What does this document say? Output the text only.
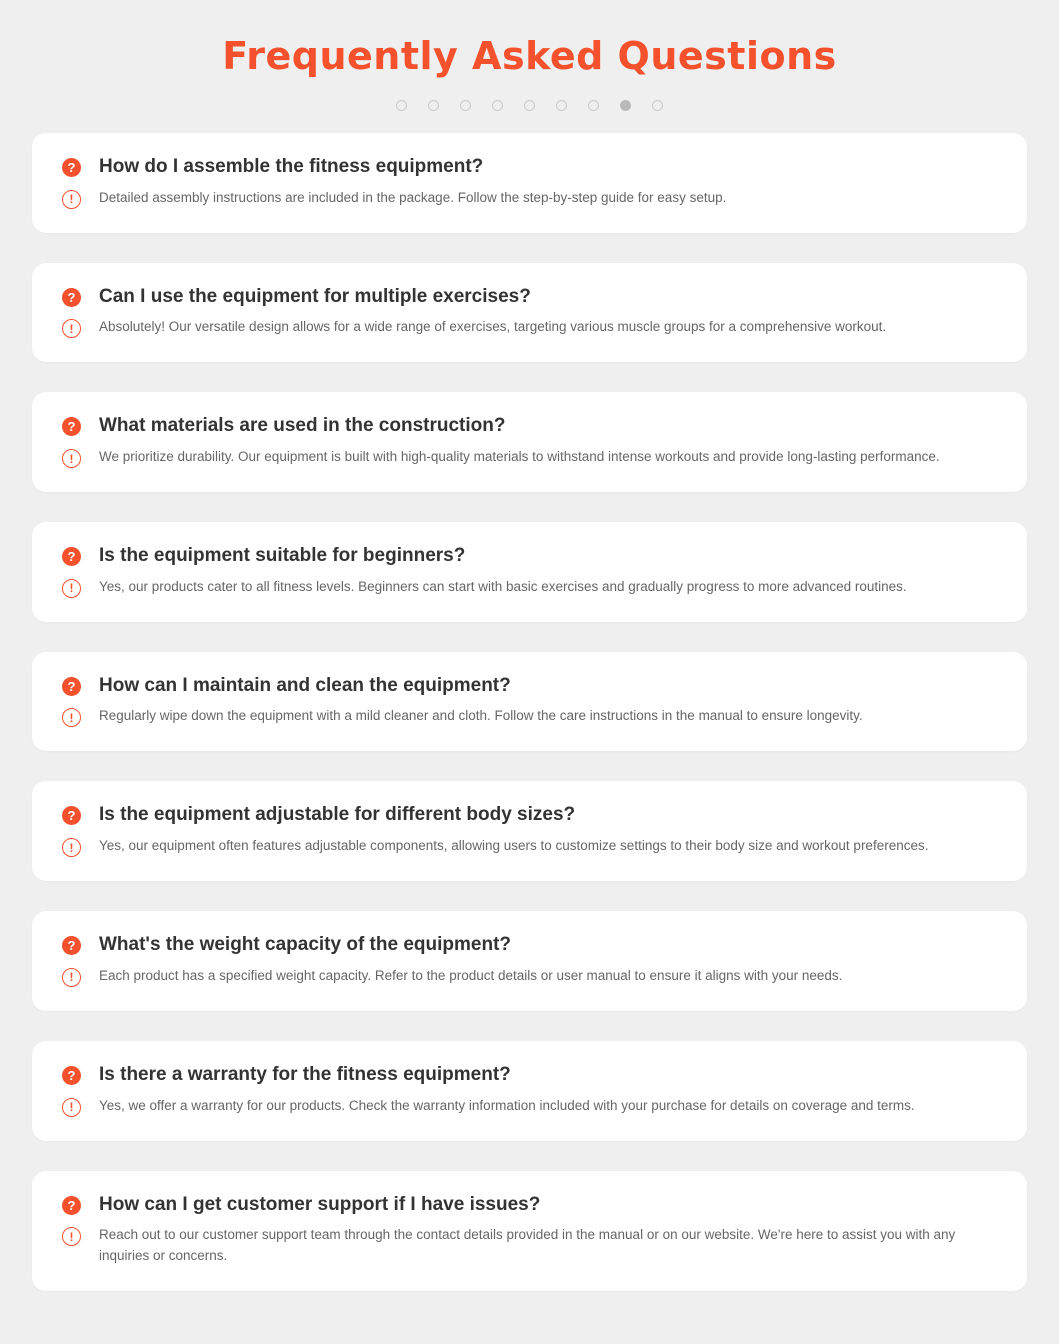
Frequently Asked Questions
? How do I assemble the fitness equipment?
!	Detailed assembly instructions are included in the package. Follow the step-by-step guide for easy setup.
? Can I use the equipment for multiple exercises?
!	Absolutely! Our versatile design allows for a wide range of exercises, targeting various muscle groups for a comprehensive workout.
? What materials are used in the construction?
!	We prioritize durability. Our equipment is built with high-quality materials to withstand intense workouts and provide long-lasting performance.
? Is the equipment suitable for beginners?
!	Yes, our products cater to all fitness levels. Beginners can start with basic exercises and gradually progress to more advanced routines.
? How can I maintain and clean the equipment?
!	Regularly wipe down the equipment with a mild cleaner and cloth. Follow the care instructions in the manual to ensure longevity.
? Is the equipment adjustable for different body sizes?
!	Yes, our equipment often features adjustable components, allowing users to customize settings to their body size and workout preferences.
? What's the weight capacity of the equipment?
!	Each product has a specified weight capacity. Refer to the product details or user manual to ensure it aligns with your needs.
? Is there a warranty for the fitness equipment?
!	Yes, we offer a warranty for our products. Check the warranty information included with your purchase for details on coverage and terms.
? How can I get customer support if I have issues?
!	Reach out to our customer support team through the contact details provided in the manual or on our website. We're here to assist you with any inquiries or concerns.
